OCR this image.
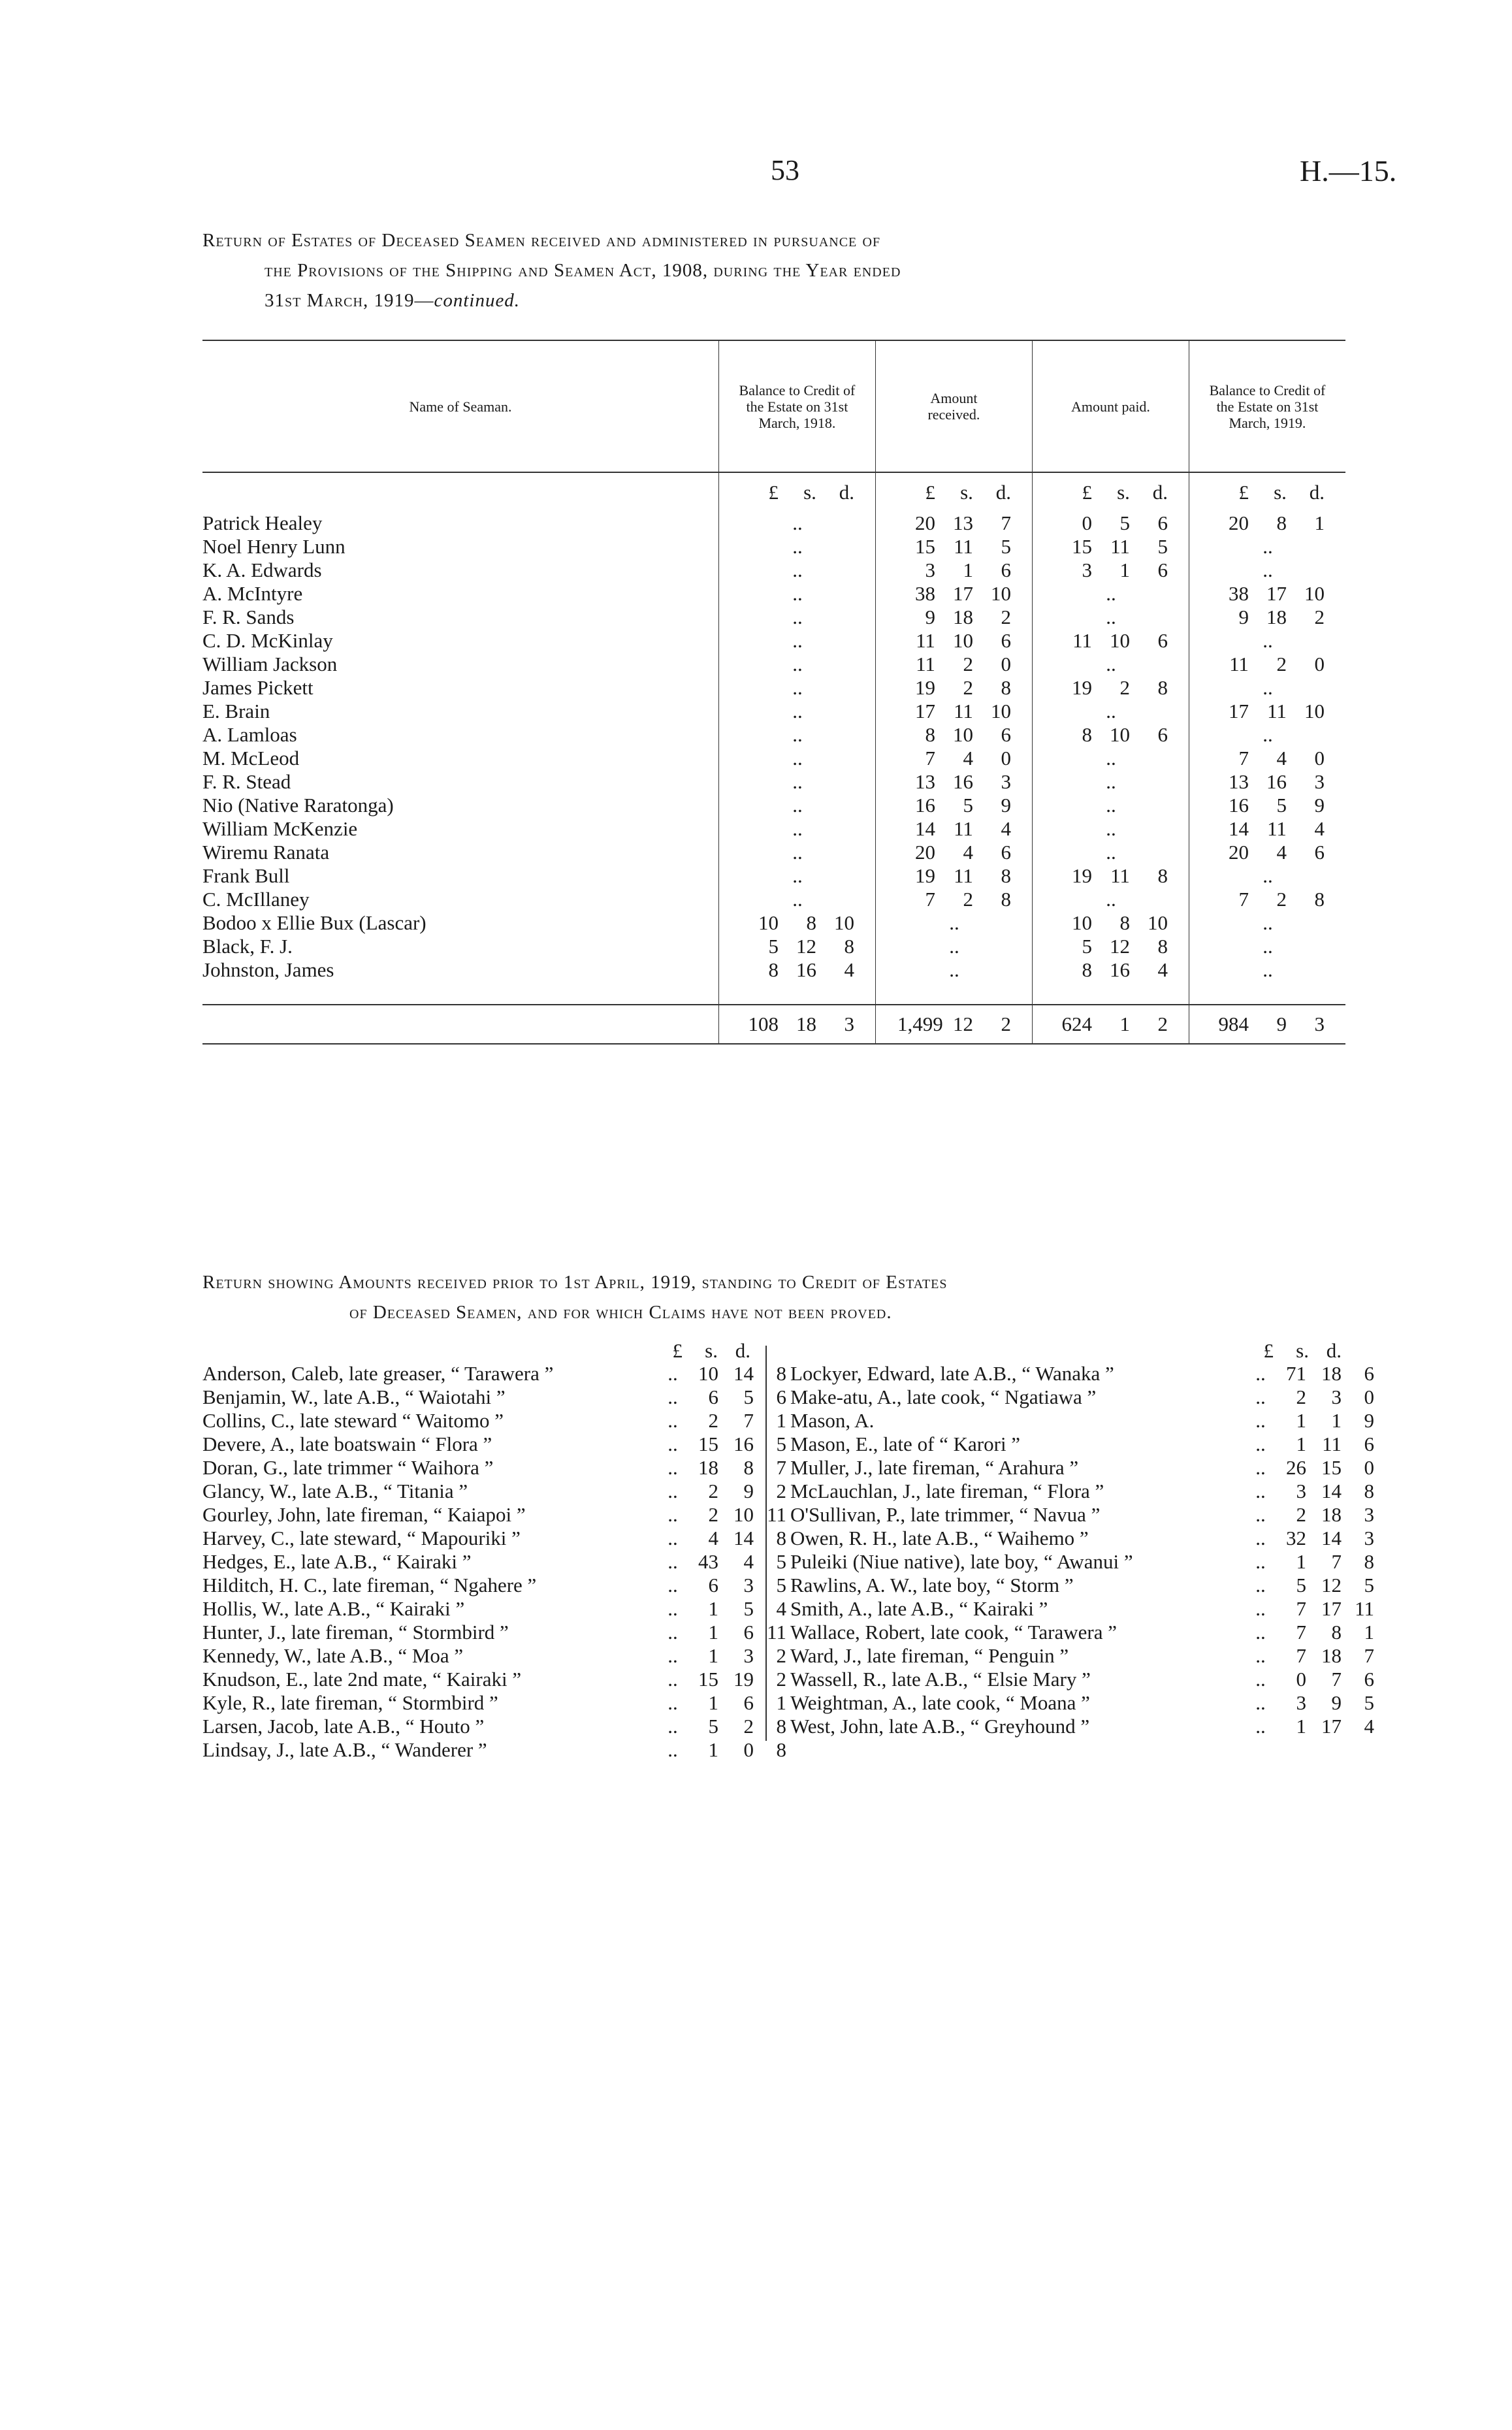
53	H.—15.
Return of Estates of Deceased Seamen received and administered in pursuance of
the Provisions of the Shipping and Seamen Act, 1908, during the Year ended
31st March, 1919—continued.
Name of Seaman.	Balance to Credit of the Estate on 31st March, 1918.	Amount received.	Amount paid.	Balance to Credit of the Estate on 31st March, 1919.

	£ s. d.	£ s. d.	£ s. d.	£ s. d.
Patrick Healey	..	20 13 7	0 5 6	20 8 1
Noel Henry Lunn	..	15 11 5	15 11 5	..
K. A. Edwards	..	3 1 6	3 1 6	..
A. McIntyre	..	38 17 10	..	38 17 10
F. R. Sands	..	9 18 2	..	9 18 2
C. D. McKinlay	..	11 10 6	11 10 6	..
William Jackson	..	11 2 0	..	11 2 0
James Pickett	..	19 2 8	19 2 8	..
E. Brain	..	17 11 10	..	17 11 10
A. Lamloas	..	8 10 6	8 10 6	..
M. McLeod	..	7 4 0	..	7 4 0
F. R. Stead	..	13 16 3	..	13 16 3
Nio (Native Raratonga)	..	16 5 9	..	16 5 9
William McKenzie	..	14 11 4	..	14 11 4
Wiremu Ranata	..	20 4 6	..	20 4 6
Frank Bull	..	19 11 8	19 11 8	..
C. McIllaney	..	7 2 8	..	7 2 8
Bodoo x Ellie Bux (Lascar)	10 8 10	..	10 8 10	..
Black, F. J.	5 12 8	..	5 12 8	..
Johnston, James	8 16 4	..	8 16 4	..

	108 18 3	1,499 12 2	624 1 2	984 9 3
Return showing Amounts received prior to 1st April, 1919, standing to Credit of Estates
of Deceased Seamen, and for which Claims have not been proved.
£ s. d.	£ s. d.
Anderson, Caleb, late greaser, “ Tarawera ”	..	10	14	8
Benjamin, W., late A.B., “ Waiotahi ”	..	6	5	6
Collins, C., late steward “ Waitomo ”	..	2	7	1
Devere, A., late boatswain “ Flora ”	..	15	16	5
Doran, G., late trimmer “ Waihora ”	..	18	8	7
Glancy, W., late A.B., “ Titania ”	..	2	9	2
Gourley, John, late fireman, “ Kaiapoi ”	..	2	10	11
Harvey, C., late steward, “ Mapouriki ”	..	4	14	8
Hedges, E., late A.B., “ Kairaki ”	..	43	4	5
Hilditch, H. C., late fireman, “ Ngahere ”	..	6	3	5
Hollis, W., late A.B., “ Kairaki ”	..	1	5	4
Hunter, J., late fireman, “ Stormbird ”	..	1	6	11
Kennedy, W., late A.B., “ Moa ”	..	1	3	2
Knudson, E., late 2nd mate, “ Kairaki ”	..	15	19	2
Kyle, R., late fireman, “ Stormbird ”	..	1	6	1
Larsen, Jacob, late A.B., “ Houto ”	..	5	2	8
Lindsay, J., late A.B., “ Wanderer ”	..	1	0	8
Lockyer, Edward, late A.B., “ Wanaka ”	..	71	18	6
Make-atu, A., late cook, “ Ngatiawa ”	..	2	3	0
Mason, A.	..	1	1	9
Mason, E., late of “ Karori ”	..	1	11	6
Muller, J., late fireman, “ Arahura ”	..	26	15	0
McLauchlan, J., late fireman, “ Flora ”	..	3	14	8
O'Sullivan, P., late trimmer, “ Navua ”	..	2	18	3
Owen, R. H., late A.B., “ Waihemo ”	..	32	14	3
Puleiki (Niue native), late boy, “ Awanui ”	..	1	7	8
Rawlins, A. W., late boy, “ Storm ”	..	5	12	5
Smith, A., late A.B., “ Kairaki ”	..	7	17	11
Wallace, Robert, late cook, “ Tarawera ”	..	7	8	1
Ward, J., late fireman, “ Penguin ”	..	7	18	7
Wassell, R., late A.B., “ Elsie Mary ”	..	0	7	6
Weightman, A., late cook, “ Moana ”	..	3	9	5
West, John, late A.B., “ Greyhound ”	..	1	17	4
